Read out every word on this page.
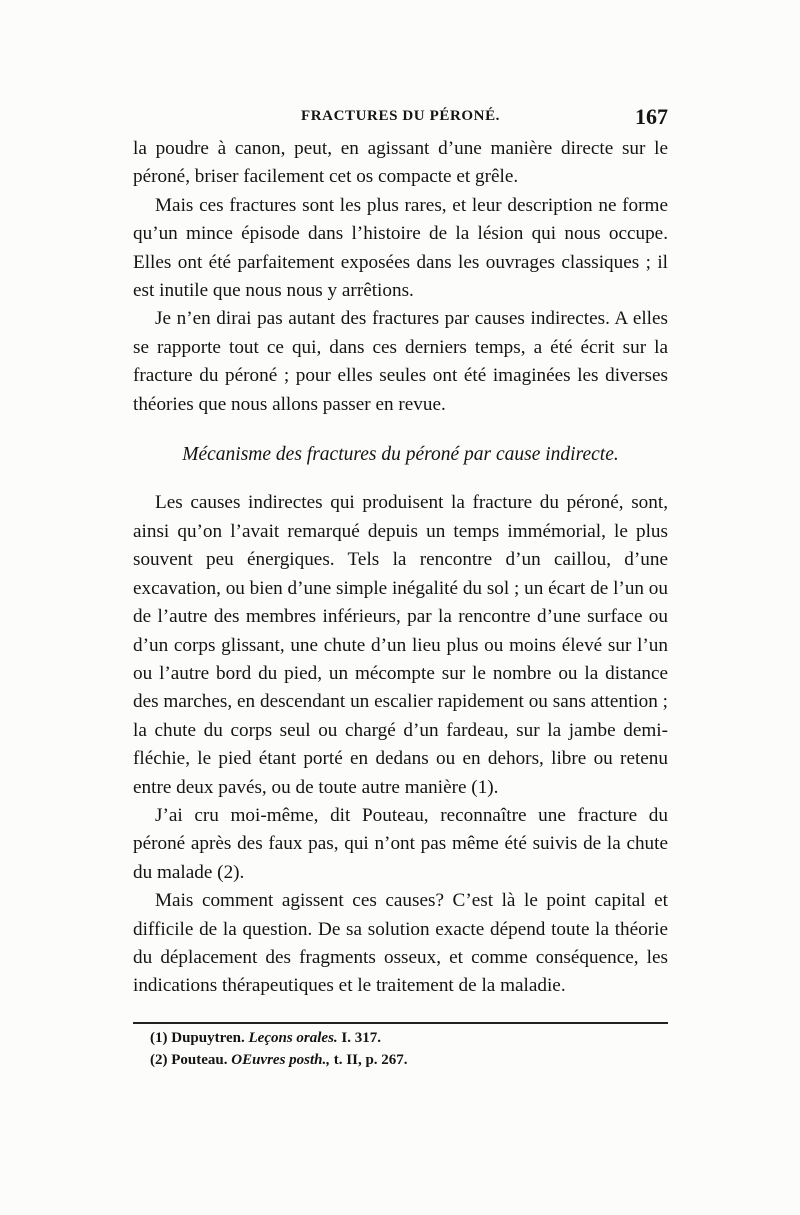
FRACTURES DU PÉRONÉ.	167

la poudre à canon, peut, en agissant d’une manière directe sur le péroné, briser facilement cet os compacte et grêle.

Mais ces fractures sont les plus rares, et leur description ne forme qu’un mince épisode dans l’histoire de la lésion qui nous occupe. Elles ont été parfaitement exposées dans les ouvrages classiques ; il est inutile que nous nous y arrêtions.

Je n’en dirai pas autant des fractures par causes indirectes. A elles se rapporte tout ce qui, dans ces derniers temps, a été écrit sur la fracture du péroné ; pour elles seules ont été imaginées les diverses théories que nous allons passer en revue.

Mécanisme des fractures du péroné par cause indirecte.

Les causes indirectes qui produisent la fracture du péroné, sont, ainsi qu’on l’avait remarqué depuis un temps immémorial, le plus souvent peu énergiques. Tels la rencontre d’un caillou, d’une excavation, ou bien d’une simple inégalité du sol ; un écart de l’un ou de l’autre des membres inférieurs, par la rencontre d’une surface ou d’un corps glissant, une chute d’un lieu plus ou moins élevé sur l’un ou l’autre bord du pied, un mécompte sur le nombre ou la distance des marches, en descendant un escalier rapidement ou sans attention ; la chute du corps seul ou chargé d’un fardeau, sur la jambe demi-fléchie, le pied étant porté en dedans ou en dehors, libre ou retenu entre deux pavés, ou de toute autre manière (1).

J’ai cru moi-même, dit Pouteau, reconnaître une fracture du péroné après des faux pas, qui n’ont pas même été suivis de la chute du malade (2).

Mais comment agissent ces causes? C’est là le point capital et difficile de la question. De sa solution exacte dépend toute la théorie du déplacement des fragments osseux, et comme conséquence, les indications thérapeutiques et le traitement de la maladie.

(1) Dupuytren. Leçons orales. I. 317.
(2) Pouteau. OEuvres posth., t. II, p. 267.
